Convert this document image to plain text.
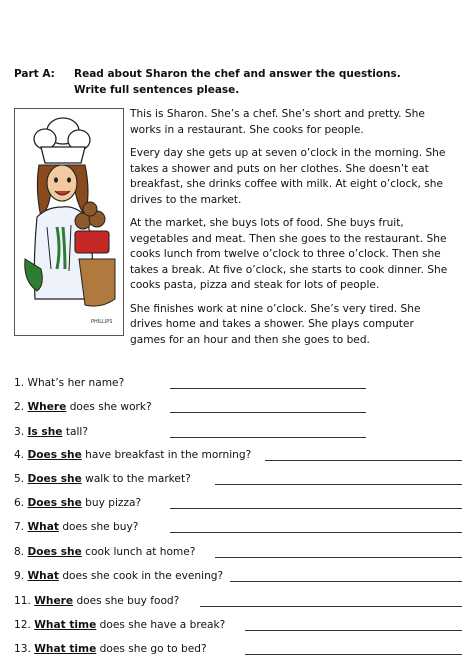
Part A: Read about Sharon the chef and answer the questions.
Write full sentences please.
PHILLIPS

This is Sharon. She’s a chef. She’s short and pretty. She works in a restaurant. She cooks for people.

Every day she gets up at seven o’clock in the morning. She takes a shower and puts on her clothes. She doesn’t eat breakfast, she drinks coffee with milk. At eight o’clock, she drives to the market.

At the market, she buys lots of food. She buys fruit, vegetables and meat. Then she goes to the restaurant. She cooks lunch from twelve o’clock to three o’clock. Then she takes a break. At five o’clock, she starts to cook dinner. She cooks pasta, pizza and steak for lots of people.

She finishes work at nine o’clock. She’s very tired. She drives home and takes a shower. She plays computer games for an hour and then she goes to bed.

1. What’s her name?
2. Where does she work?
3. Is she tall?
4. Does she have breakfast in the morning?
5. Does she walk to the market?
6. Does she buy pizza?
7. What does she buy?
8. Does she cook lunch at home?
9. What does she cook in the evening?
11. Where does she buy food?
12. What time does she have a break?
13. What time does she go to bed?
